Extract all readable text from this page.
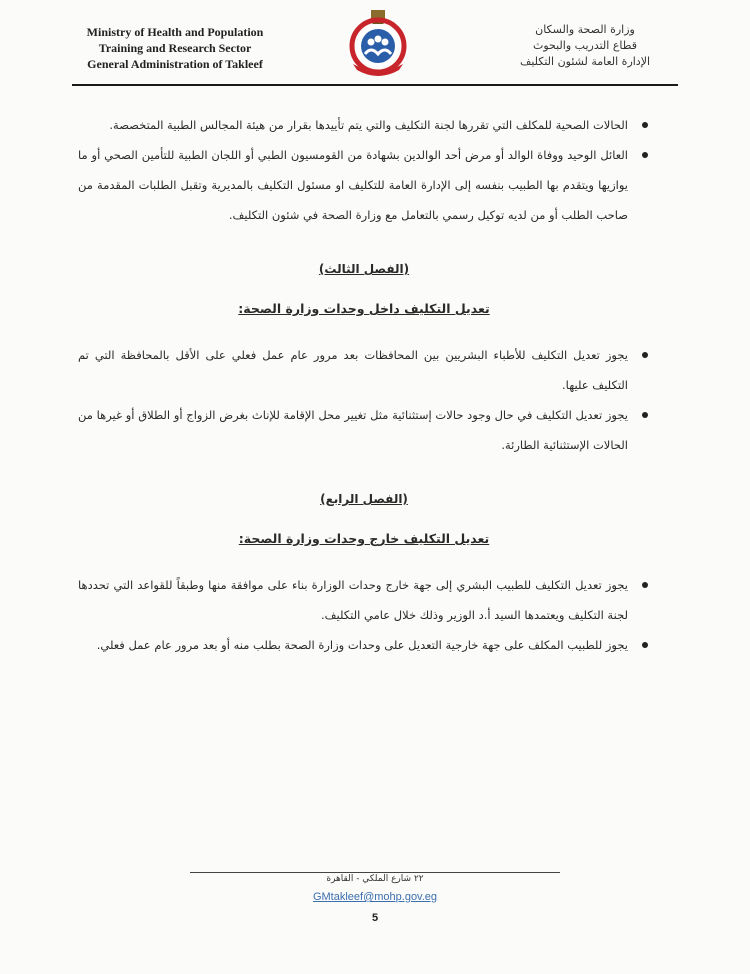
Ministry of Health and Population
Training and Research Sector
General Administration of Takleef
وزارة الصحة والسكان
قطاع التدريب والبحوث
الإدارة العامة لشئون التكليف
الحالات الصحية للمكلف التي تقررها لجنة التكليف والتي يتم تأييدها بقرار من هيئة المجالس الطبية المتخصصة.
العائل الوحيد ووفاة الوالد أو مرض أحد الوالدين بشهادة من القومسيون الطبي أو اللجان الطبية للتأمين الصحي أو ما يوازيها ويتقدم بها الطبيب بنفسه إلى الإدارة العامة للتكليف او مسئول التكليف بالمديرية وتقبل الطلبات المقدمة من صاحب الطلب أو من لديه توكيل رسمي بالتعامل مع وزارة الصحة في شئون التكليف.
(الفصل الثالث)
تعديل التكليف داخل وحدات وزارة الصحة:
يجوز تعديل التكليف للأطباء البشريين بين المحافظات بعد مرور عام عمل فعلي على الأقل بالمحافظة التي تم التكليف عليها.
يجوز تعديل التكليف في حال وجود حالات إستثنائية مثل تغيير محل الإقامة للإناث بغرض الزواج أو الطلاق أو غيرها من الحالات الإستثنائية الطارئة.
(الفصل الرابع)
تعديل التكليف خارج وحدات وزارة الصحة:
يجوز تعديل التكليف للطبيب البشري إلى جهة خارج وحدات الوزارة بناء على موافقة منها وطبقاً للقواعد التي تحددها لجنة التكليف ويعتمدها السيد أ.د الوزير وذلك خلال عامي التكليف.
يجوز للطبيب المكلف على جهة خارجية التعديل على وحدات وزارة الصحة بطلب منه أو بعد مرور عام عمل فعلي.
٢٢ شارع الملكي - القاهرة
GMtakleef@mohp.gov.eg
5
